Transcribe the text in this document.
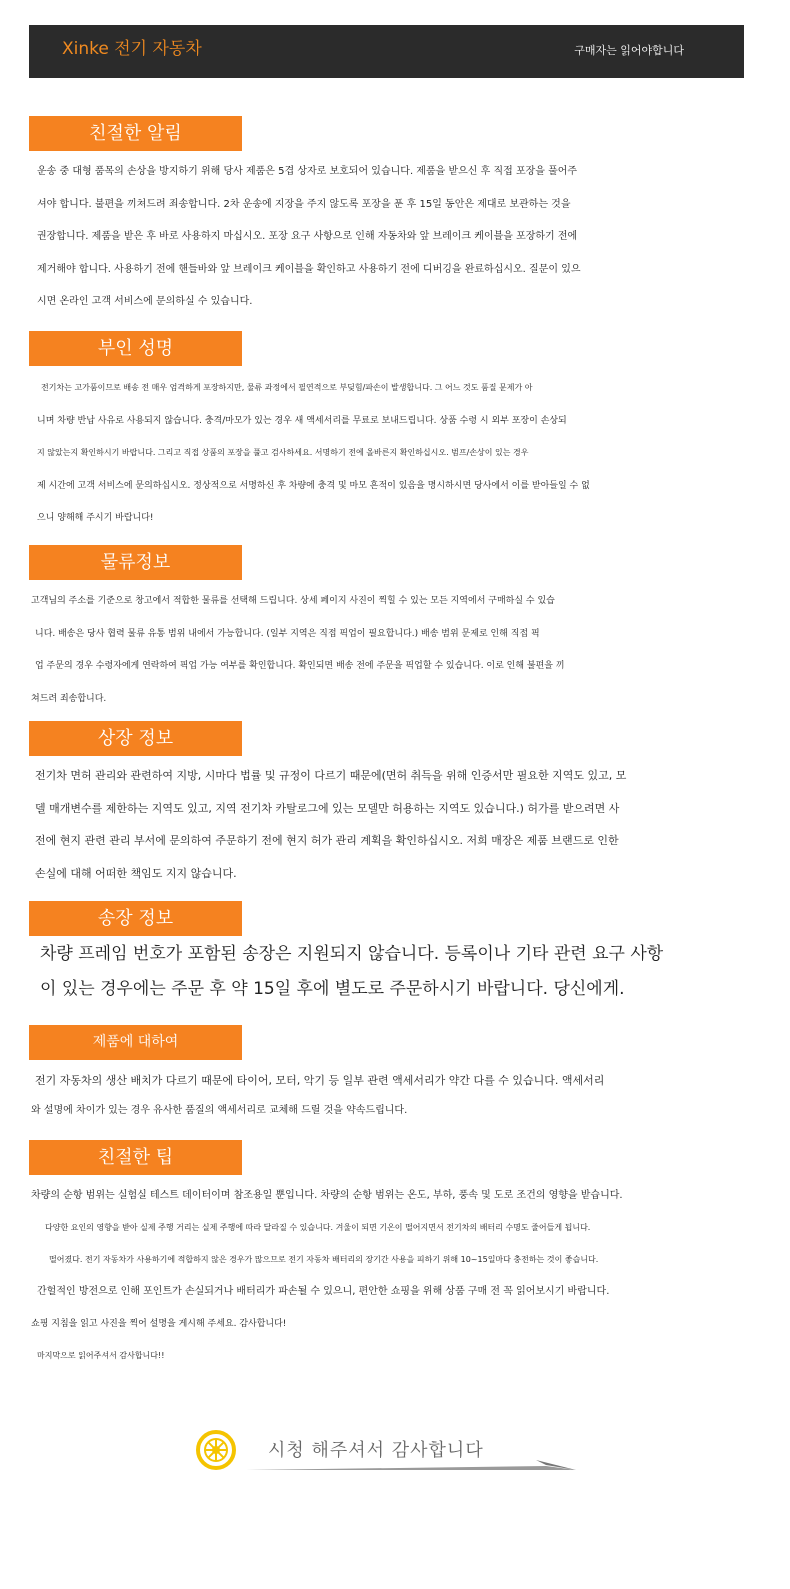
Xinke 전기 자동차	구매자는 읽어야합니다
친절한 알림
운송 중 대형 품목의 손상을 방지하기 위해 당사 제품은 5겹 상자로 보호되어 있습니다. 제품을 받으신 후 직접 포장을 풀어주
셔야 합니다. 불편을 끼쳐드려 죄송합니다. 2차 운송에 지장을 주지 않도록 포장을 푼 후 15일 동안은 제대로 보관하는 것을
권장합니다. 제품을 받은 후 바로 사용하지 마십시오. 포장 요구 사항으로 인해 자동차와 앞 브레이크 케이블을 포장하기 전에
제거해야 합니다. 사용하기 전에 핸들바와 앞 브레이크 케이블을 확인하고 사용하기 전에 디버깅을 완료하십시오. 질문이 있으
시면 온라인 고객 서비스에 문의하실 수 있습니다.
부인 성명
전기차는 고가품이므로 배송 전 매우 엄격하게 포장하지만, 물류 과정에서 필연적으로 부딪힘/파손이 발생합니다. 그 어느 것도 품질 문제가 아
니며 차량 반납 사유로 사용되지 않습니다. 충격/마모가 있는 경우 새 액세서리를 무료로 보내드립니다. 상품 수령 시 외부 포장이 손상되
지 않았는지 확인하시기 바랍니다. 그리고 직접 상품의 포장을 풀고 검사하세요. 서명하기 전에 올바른지 확인하십시오. 범프/손상이 있는 경우
제 시간에 고객 서비스에 문의하십시오. 정상적으로 서명하신 후 차량에 충격 및 마모 흔적이 있음을 명시하시면 당사에서 이를 받아들일 수 없
으니 양해해 주시기 바랍니다!
물류정보
고객님의 주소를 기준으로 창고에서 적합한 물류를 선택해 드립니다. 상세 페이지 사진이 찍힐 수 있는 모든 지역에서 구매하실 수 있습
니다. 배송은 당사 협력 물류 유통 범위 내에서 가능합니다. (일부 지역은 직접 픽업이 필요합니다.) 배송 범위 문제로 인해 직접 픽
업 주문의 경우 수령자에게 연락하여 픽업 가능 여부를 확인합니다. 확인되면 배송 전에 주문을 픽업할 수 있습니다. 이로 인해 불편을 끼
쳐드려 죄송합니다.
상장 정보
전기차 면허 관리와 관련하여 지방, 시마다 법률 및 규정이 다르기 때문에(면허 취득을 위해 인증서만 필요한 지역도 있고, 모
델 매개변수를 제한하는 지역도 있고, 지역 전기차 카탈로그에 있는 모델만 허용하는 지역도 있습니다.) 허가를 받으려면 사
전에 현지 관련 관리 부서에 문의하여 주문하기 전에 현지 허가 관리 계획을 확인하십시오. 저희 매장은 제품 브랜드로 인한
손실에 대해 어떠한 책임도 지지 않습니다.
송장 정보
차량 프레임 번호가 포함된 송장은 지원되지 않습니다. 등록이나 기타 관련 요구 사항
이 있는 경우에는 주문 후 약 15일 후에 별도로 주문하시기 바랍니다. 당신에게.
제품에 대하여
전기 자동차의 생산 배치가 다르기 때문에 타이어, 모터, 악기 등 일부 관련 액세서리가 약간 다를 수 있습니다. 액세서리
와 설명에 차이가 있는 경우 유사한 품질의 액세서리로 교체해 드릴 것을 약속드립니다.
친절한 팁
차량의 순항 범위는 실험실 테스트 데이터이며 참조용일 뿐입니다. 차량의 순항 범위는 온도, 부하, 풍속 및 도로 조건의 영향을 받습니다.
다양한 요인의 영향을 받아 실제 주행 거리는 실제 주행에 따라 달라질 수 있습니다. 겨울이 되면 기온이 떨어지면서 전기차의 배터리 수명도 줄어들게 됩니다.
떨어졌다. 전기 자동차가 사용하기에 적합하지 않은 경우가 많으므로 전기 자동차 배터리의 장기간 사용을 피하기 위해 10~15일마다 충전하는 것이 좋습니다.
간헐적인 방전으로 인해 포인트가 손실되거나 배터리가 파손될 수 있으니, 편안한 쇼핑을 위해 상품 구매 전 꼭 읽어보시기 바랍니다.
쇼핑 지침을 읽고 사진을 찍어 설명을 게시해 주세요. 감사합니다!
마지막으로 읽어주셔서 감사합니다!!
시청 해주셔서 감사합니다
